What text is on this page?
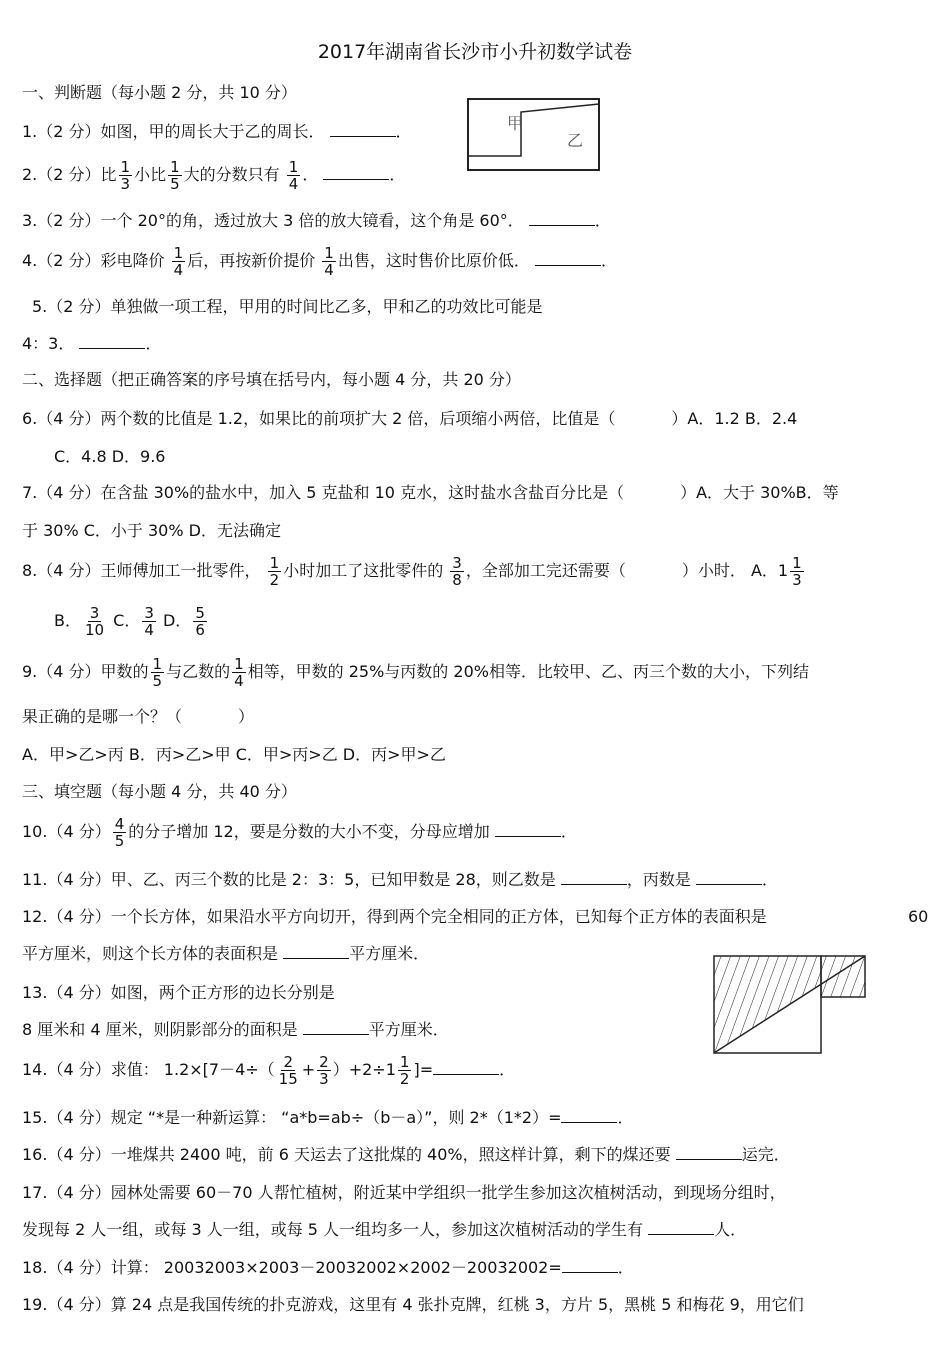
2017年湖南省长沙市小升初数学试卷
一、判断题（每小题 2 分，共 10 分）
1.（2 分）如图，甲的周长大于乙的周长．	．	甲
乙
2.（2 分）比 $\frac{1}{3}$ 小比 $\frac{1}{5}$ 大的分数只有 $\frac{1}{4}$ ．	．
3.（2 分）一个 20°的角，透过放大 3 倍的放大镜看，这个角是 60°．	．
4.（2 分）彩电降价 $\frac{1}{4}$ 后，再按新价提价 $\frac{1}{4}$ 出售，这时售价比原价低．	．
5.（2 分）单独做一项工程，甲用的时间比乙多，甲和乙的功效比可能是
4：3．	．
二、选择题（把正确答案的序号填在括号内，每小题 4 分，共 20 分）
6.（4 分）两个数的比值是 1.2，如果比的前项扩大 2 倍，后项缩小两倍，比值是（	）A．1.2 B．2.4
C．4.8 D．9.6
7.（4 分）在含盐 30%的盐水中，加入 5 克盐和 10 克水，这时盐水含盐百分比是（	）A．大于 30%B．等
于 30% C．小于 30% D．无法确定
8.（4 分）王师傅加工一批零件， $\frac{1}{2}$ 小时加工了这批零件的 $\frac{3}{8}$ ，全部加工完还需要（	）小时． A．$1 \frac{1}{3}$
B． $\frac{3}{10}$ C． $\frac{3}{4}$ D． $\frac{5}{6}$
9.（4 分）甲数的 $\frac{1}{5}$ 与乙数的 $\frac{1}{4}$ 相等，甲数的 25%与丙数的 20%相等．比较甲、乙、丙三个数的大小，下列结
果正确的是哪一个？（	）
A．甲>乙>丙 B．丙>乙>甲 C．甲>丙>乙 D．丙>甲>乙
三、填空题（每小题 4 分，共 40 分）
10.（4 分） $\frac{4}{5}$ 的分子增加 12，要是分数的大小不变，分母应增加	．
11.（4 分）甲、乙、丙三个数的比是 2：3：5，已知甲数是 28，则乙数是	，丙数是	．
12.（4 分）一个长方体，如果沿水平方向切开，得到两个完全相同的正方体，已知每个正方体的表面积是	60
平方厘米，则这个长方体的表面积是	平方厘米．
13.（4 分）如图，两个正方形的边长分别是
8 厘米和 4 厘米，则阴影部分的面积是	平方厘米．
14.（4 分）求值： $1.2\times[7-4\div( \frac{2}{15} + \frac{2}{3} )+2\div 1 \frac{1}{2}$ ]=	．
15.（4 分）规定 “*是一种新运算： “a*b=ab÷（b－a）”，则 2*（1*2）=	．
16.（4 分）一堆煤共 2400 吨，前 6 天运去了这批煤的 40%，照这样计算，剩下的煤还要	运完．
17.（4 分）园林处需要 60－70 人帮忙植树，附近某中学组织一批学生参加这次植树活动，到现场分组时，
发现每 2 人一组，或每 3 人一组，或每 5 人一组均多一人，参加这次植树活动的学生有	人．
18.（4 分）计算： 20032003×2003－20032002×2002－20032002=	．
19.（4 分）算 24 点是我国传统的扑克游戏，这里有 4 张扑克牌，红桃 3，方片 5，黑桃 5 和梅花 9，用它们
